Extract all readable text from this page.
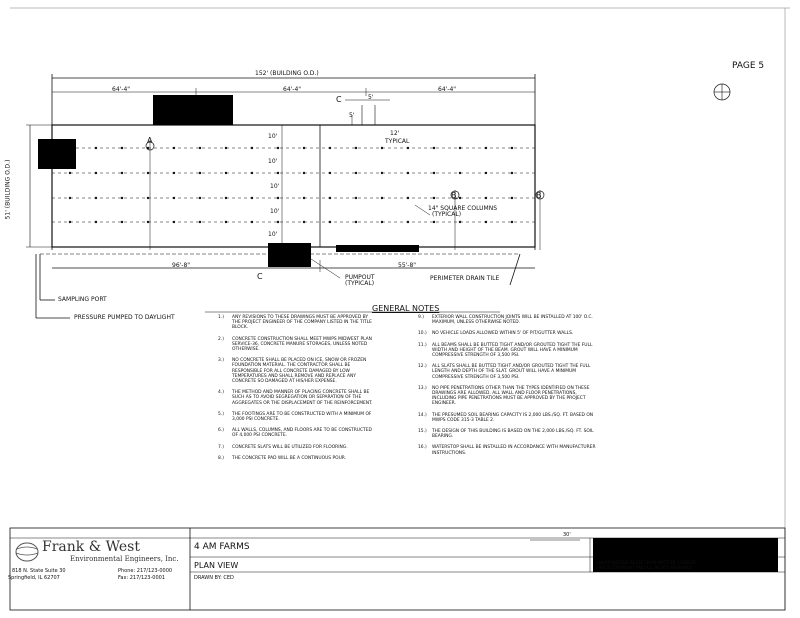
PAGE 5
152' (BUILDING O.D.)
64'-4"	64'-4"	64'-4"
51' (BUILDING O.D.)
96'-8"	55'-8"
10'
10'
10'
10'
10'
12'
TYPICAL
5'
5'
A
B	B
C
C
14" SQUARE COLUMNS
(TYPICAL)
PUMPOUT
(TYPICAL)
PERIMETER DRAIN TILE
SAMPLING PORT
PRESSURE PUMPED TO DAYLIGHT
GENERAL NOTES
1.)	ANY REVISIONS TO THESE DRAWINGS MUST BE APPROVED BY THE PROJECT ENGINEER OF THE COMPANY LISTED IN THE TITLE BLOCK.
2.)	CONCRETE CONSTRUCTION SHALL MEET MWPS MIDWEST PLAN SERVICE-36, CONCRETE MANURE STORAGES, UNLESS NOTED OTHERWISE.
3.)	NO CONCRETE SHALL BE PLACED ON ICE, SNOW OR FROZEN FOUNDATION MATERIAL. THE CONTRACTOR SHALL BE RESPONSIBLE FOR ALL CONCRETE DAMAGED BY LOW TEMPERATURES AND SHALL REMOVE AND REPLACE ANY CONCRETE SO DAMAGED AT HIS/HER EXPENSE.
4.)	THE METHOD AND MANNER OF PLACING CONCRETE SHALL BE SUCH AS TO AVOID SEGREGATION OR SEPARATION OF THE AGGREGATES OR THE DISPLACEMENT OF THE REINFORCEMENT.
5.)	THE FOOTINGS ARE TO BE CONSTRUCTED WITH A MINIMUM OF 3,000 PSI CONCRETE.
6.)	ALL WALLS, COLUMNS, AND FLOORS ARE TO BE CONSTRUCTED OF 4,000 PSI CONCRETE.
7.)	CONCRETE SLATS WILL BE UTILIZED FOR FLOORING.
8.)	THE CONCRETE PAD WILL BE A CONTINUOUS POUR.
9.)	EXTERIOR WALL CONSTRUCTION JOINTS WILL BE INSTALLED AT 100' O.C. MAXIMUM, UNLESS OTHERWISE NOTED.
10.)	NO VEHICLE LOADS ALLOWED WITHIN 5' OF PIT/GUTTER WALLS.
11.)	ALL BEAMS SHALL BE BUTTED TIGHT AND/OR GROUTED TIGHT THE FULL WIDTH AND HEIGHT OF THE BEAM. GROUT WILL HAVE A MINIMUM COMPRESSIVE STRENGTH OF 3,500 PSI.
12.)	ALL SLATS SHALL BE BUTTED TIGHT AND/OR GROUTED TIGHT THE FULL LENGTH AND DEPTH OF THE SLAT. GROUT WILL HAVE A MINIMUM COMPRESSIVE STRENGTH OF 3,500 PSI.
13.)	NO PIPE PENETRATIONS OTHER THAN THE TYPES IDENTIFIED ON THESE DRAWINGS ARE ALLOWED. ALL WALL AND FLOOR PENETRATIONS, INCLUDING PIPE PENETRATIONS MUST BE APPROVED BY THE PROJECT ENGINEER.
14.)	THE PRESUMED SOIL BEARING CAPACITY IS 2,000 LBS./SQ. FT. BASED ON MWPS CODE 315-3 TABLE 2.
15.)	THE DESIGN OF THIS BUILDING IS BASED ON THE 2,000 LBS./SQ. FT. SOIL BEARING.
16.)	WATERSTOP SHALL BE INSTALLED IN ACCORDANCE WITH MANUFACTURER INSTRUCTIONS.
Frank & West
Environmental Engineers, Inc.
818 N. State Suite 30
Springfield, IL 62707
Phone: 217/123-0000
Fax: 217/123-0001
4 AM FARMS
PLAN VIEW
DRAWN BY: CED
30'
UNAUTHORIZED REUSE FROM WRITTEN CONSENT
THIS IS COPYRIGHT AND ALL RIGHTS RESERVED
